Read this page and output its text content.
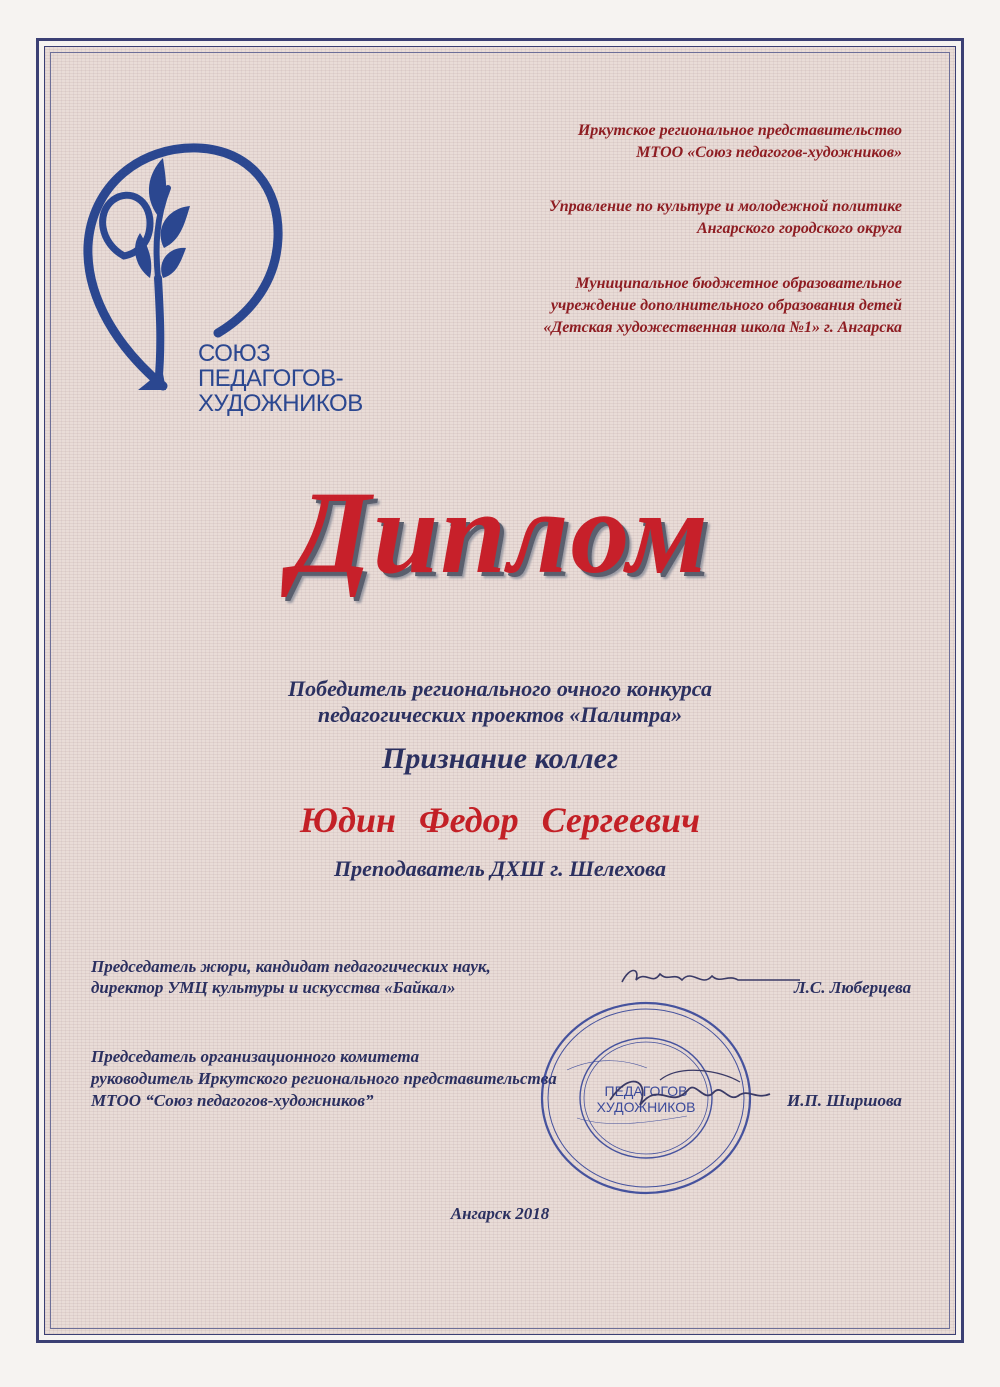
СОЮЗ
ПЕДАГОГОВ-
ХУДОЖНИКОВ
Иркутское региональное представительство
МТОО «Союз педагогов-художников»
Управление по культуре и молодежной политике
Ангарского городского округа
Муниципальное бюджетное образовательное
учреждение дополнительного образования детей
«Детская художественная школа №1» г. Ангарска
Диплом
Победитель регионального очного конкурса
педагогических проектов «Палитра»
Признание коллег
Юдин Федор Сергеевич
Преподаватель ДХШ г. Шелехова
Председатель жюри, кандидат педагогических наук,
директор УМЦ культуры и искусства «Байкал»	Л.С. Люберцева
Председатель организационного комитета
руководитель Иркутского регионального представительства
МТОО “Союз педагогов-художников”	И.П. Ширшова
ПЕДАГОГОВ
ХУДОЖНИКОВ
Ангарск 2018
